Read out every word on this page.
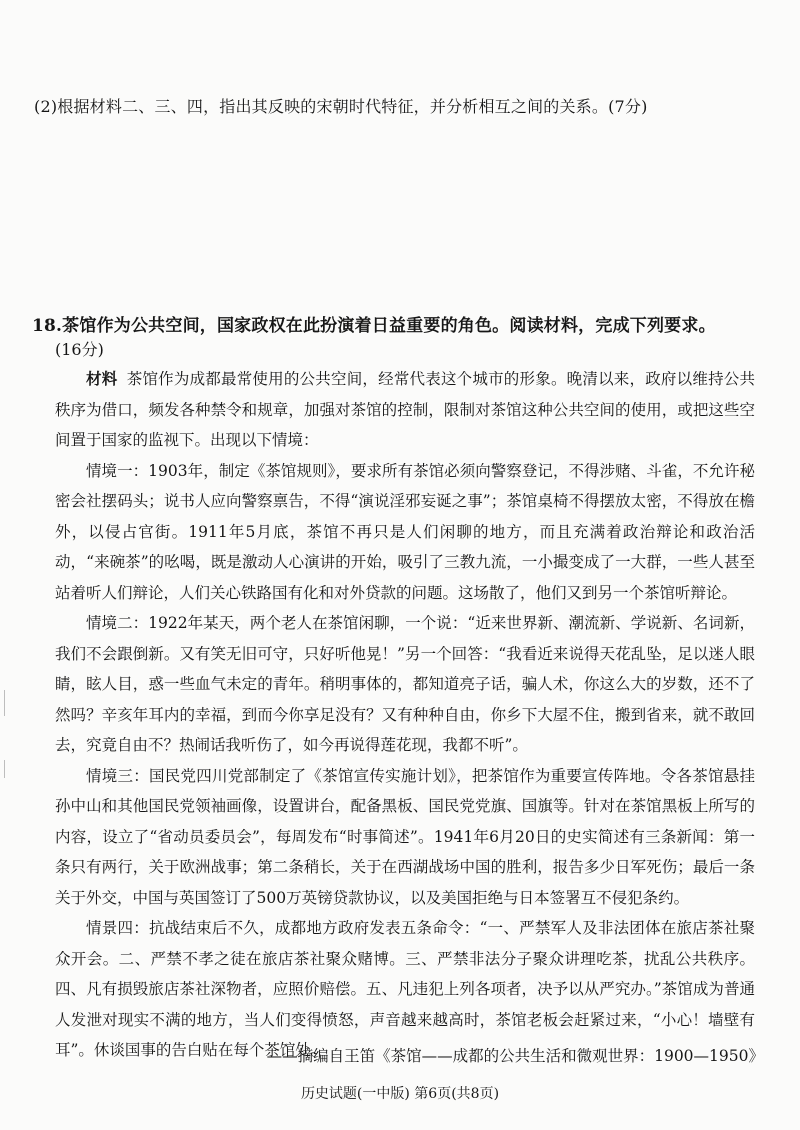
(2)根据材料二、三、四，指出其反映的宋朝时代特征，并分析相互之间的关系。(7分)
18.茶馆作为公共空间，国家政权在此扮演着日益重要的角色。阅读材料，完成下列要求。
(16分)

材料 茶馆作为成都最常使用的公共空间，经常代表这个城市的形象。晚清以来，政府以维持公共秩序为借口，频发各种禁令和规章，加强对茶馆的控制，限制对茶馆这种公共空间的使用，或把这些空间置于国家的监视下。出现以下情境：

情境一：1903年，制定《茶馆规则》，要求所有茶馆必须向警察登记，不得涉赌、斗雀，不允许秘密会社摆码头；说书人应向警察禀告，不得“演说淫邪妄诞之事”；茶馆桌椅不得摆放太密，不得放在檐外，以侵占官街。1911年5月底，茶馆不再只是人们闲聊的地方，而且充满着政治辩论和政治活动，“来碗茶”的吆喝，既是激动人心演讲的开始，吸引了三教九流，一小撮变成了一大群，一些人甚至站着听人们辩论，人们关心铁路国有化和对外贷款的问题。这场散了，他们又到另一个茶馆听辩论。

情境二：1922年某天，两个老人在茶馆闲聊，一个说：“近来世界新、潮流新、学说新、名词新，我们不会跟倒新。又有笑无旧可守，只好听他晃！”另一个回答：“我看近来说得天花乱坠，足以迷人眼睛，眩人目，惑一些血气未定的青年。稍明事体的，都知道亮子话，骗人术，你这么大的岁数，还不了然吗？辛亥年耳内的幸福，到而今你享足没有？又有种种自由，你乡下大屋不住，搬到省来，就不敢回去，究竟自由不？热闹话我听伤了，如今再说得莲花现，我都不听”。

情境三：国民党四川党部制定了《茶馆宣传实施计划》，把茶馆作为重要宣传阵地。令各茶馆悬挂孙中山和其他国民党领袖画像，设置讲台，配备黑板、国民党党旗、国旗等。针对在茶馆黑板上所写的内容，设立了“省动员委员会”，每周发布“时事简述”。1941年6月20日的史实简述有三条新闻：第一条只有两行，关于欧洲战事；第二条稍长，关于在西湖战场中国的胜利，报告多少日军死伤；最后一条关于外交，中国与英国签订了500万英镑贷款协议，以及美国拒绝与日本签署互不侵犯条约。

情景四：抗战结束后不久，成都地方政府发表五条命令：“一、严禁军人及非法团体在旅店茶社聚众开会。二、严禁不孝之徒在旅店茶社聚众赌博。三、严禁非法分子聚众讲理吃茶，扰乱公共秩序。四、凡有损毁旅店茶社深物者，应照价赔偿。五、凡违犯上列各项者，决予以从严究办。”茶馆成为普通人发泄对现实不满的地方，当人们变得愤怒，声音越来越高时，茶馆老板会赶紧过来，“小心！墙壁有耳”。休谈国事的告白贴在每个茶馆处。

——摘编自王笛《茶馆——成都的公共生活和微观世界：1900—1950》
历史试题(一中版) 第6页(共8页)
